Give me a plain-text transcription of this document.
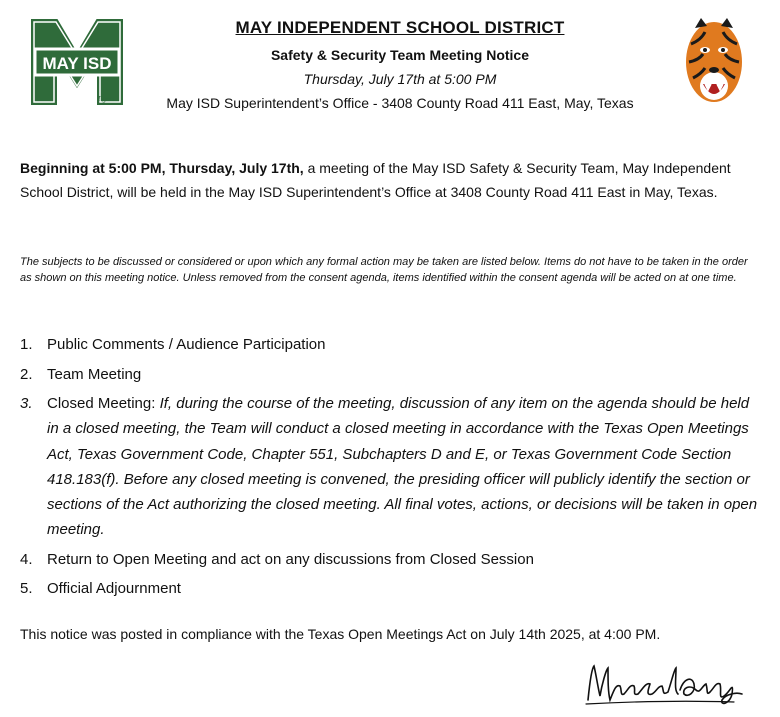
MAY ISD
Tigers
MAY INDEPENDENT SCHOOL DISTRICT
Safety & Security Team Meeting Notice
Thursday, July 17th at 5:00 PM
May ISD Superintendent’s Office - 3408 County Road 411 East, May, Texas
Beginning at 5:00 PM, Thursday, July 17th, a meeting of the May ISD Safety & Security Team, May Independent School District, will be held in the May ISD Superintendent’s Office at 3408 County Road 411 East in May, Texas.
The subjects to be discussed or considered or upon which any formal action may be taken are listed below. Items do not have to be taken in the order as shown on this meeting notice. Unless removed from the consent agenda, items identified within the consent agenda will be acted on at one time.
1. Public Comments / Audience Participation
2. Team Meeting
3. Closed Meeting: If, during the course of the meeting, discussion of any item on the agenda should be held in a closed meeting, the Team will conduct a closed meeting in accordance with the Texas Open Meetings Act, Texas Government Code, Chapter 551, Subchapters D and E, or Texas Government Code Section 418.183(f). Before any closed meeting is convened, the presiding officer will publicly identify the section or sections of the Act authorizing the closed meeting. All final votes, actions, or decisions will be taken in open meeting.
4. Return to Open Meeting and act on any discussions from Closed Session
5. Official Adjournment
This notice was posted in compliance with the Texas Open Meetings Act on July 14th 2025, at 4:00 PM.
